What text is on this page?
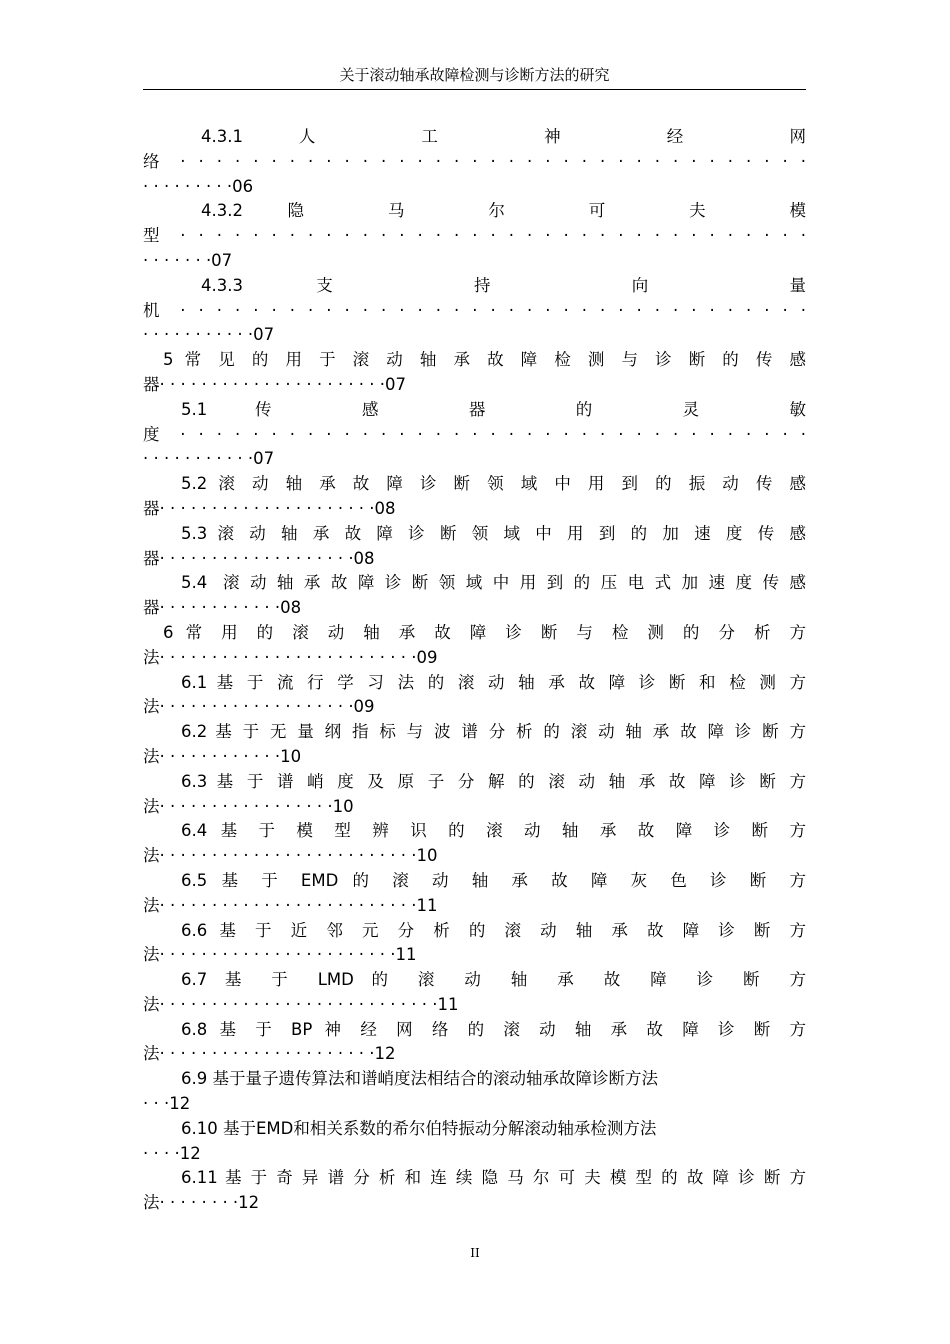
关于滚动轴承故障检测与诊断方法的研究
4.3.1 人 工 神 经 网
络 · · · · · · · · · · · · · · · · · · · · · · · · · · · · · · · · · · ·
· · · · · · · · ·06
4.3.2 隐 马 尔 可 夫 模
型 · · · · · · · · · · · · · · · · · · · · · · · · · · · · · · · · · · ·
· · · · · · ·07
4.3.3 支 持 向 量
机 · · · · · · · · · · · · · · · · · · · · · · · · · · · · · · · · · · ·
· · · · · · · · · · ·07
5 常 见 的 用 于 滚 动 轴 承 故 障 检 测 与 诊 断 的 传 感
器· · · · · · · · · · · · · · · · · · · · · ·07
5.1 传 感 器 的 灵 敏
度 · · · · · · · · · · · · · · · · · · · · · · · · · · · · · · · · · · ·
· · · · · · · · · · ·07
5.2 滚 动 轴 承 故 障 诊 断 领 域 中 用 到 的 振 动 传 感
器· · · · · · · · · · · · · · · · · · · · ·08
5.3 滚 动 轴 承 故 障 诊 断 领 域 中 用 到 的 加 速 度 传 感
器· · · · · · · · · · · · · · · · · · ·08
5.4 滚动轴承故障诊断领域中用到的压电式加速度传感
器· · · · · · · · · · · ·08
6 常 用 的 滚 动 轴 承 故 障 诊 断 与 检 测 的 分 析 方
法· · · · · · · · · · · · · · · · · · · · · · · · ·09
6.1 基 于 流 行 学 习 法 的 滚 动 轴 承 故 障 诊 断 和 检 测 方
法· · · · · · · · · · · · · · · · · · ·09
6.2 基 于 无 量 纲 指 标 与 波 谱 分 析 的 滚 动 轴 承 故 障 诊 断 方
法· · · · · · · · · · · ·10
6.3 基 于 谱 峭 度 及 原 子 分 解 的 滚 动 轴 承 故 障 诊 断 方
法· · · · · · · · · · · · · · · · ·10
6.4 基 于 模 型 辨 识 的 滚 动 轴 承 故 障 诊 断 方
法· · · · · · · · · · · · · · · · · · · · · · · · ·10
6.5 基 于 EMD 的 滚 动 轴 承 故 障 灰 色 诊 断 方
法· · · · · · · · · · · · · · · · · · · · · · · · ·11
6.6 基 于 近 邻 元 分 析 的 滚 动 轴 承 故 障 诊 断 方
法· · · · · · · · · · · · · · · · · · · · · · ·11
6.7 基 于 LMD 的 滚 动 轴 承 故 障 诊 断 方
法· · · · · · · · · · · · · · · · · · · · · · · · · · ·11
6.8 基 于 BP 神 经 网 络 的 滚 动 轴 承 故 障 诊 断 方
法· · · · · · · · · · · · · · · · · · · · ·12
6.9 基于量子遗传算法和谱峭度法相结合的滚动轴承故障诊断方法
· · ·12
6.10 基于EMD和相关系数的希尔伯特振动分解滚动轴承检测方法
· · · ·12
6.11 基 于 奇 异 谱 分 析 和 连 续 隐 马 尔 可 夫 模 型 的 故 障 诊 断 方
法· · · · · · · ·12
II
